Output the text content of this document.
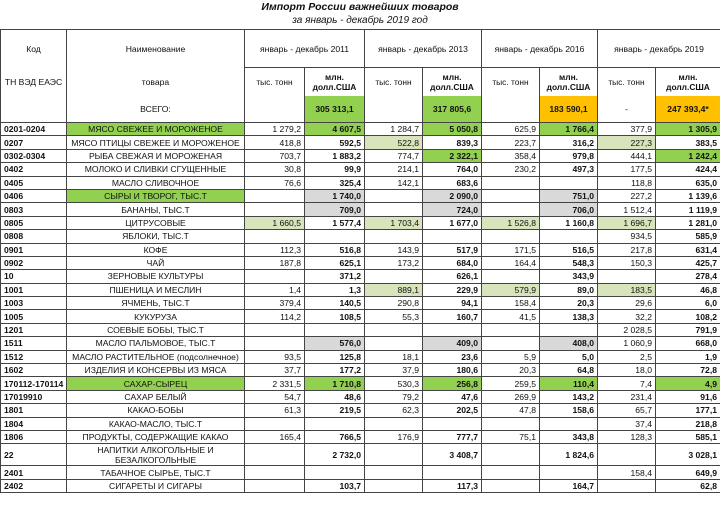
Импорт России важнейших товаров
за январь - декабрь 2019 год
Код	Наименование	январь - декабрь 2011		январь - декабрь 2013		январь - декабрь 2016		январь - декабрь 2019	
ТН ВЭД ЕАЭС	товара	тыс. тонн	млн. долл.США	тыс. тонн	млн. долл.США	тыс. тонн	млн. долл.США	тыс. тонн	млн. долл.США
	ВСЕГО:		305 313,1		317 805,6		183 590,1	-	247 393,4*
0201-0204	МЯСО СВЕЖЕЕ И МОРОЖЕНОЕ	1 279,2	4 607,5	1 284,7	5 050,8	625,9	1 766,4	377,9	1 305,9
0207	МЯСО ПТИЦЫ СВЕЖЕЕ И МОРОЖЕНОЕ	418,8	592,5	522,8	839,3	223,7	316,2	227,3	383,5
0302-0304	РЫБА СВЕЖАЯ И МОРОЖЕНАЯ	703,7	1 883,2	774,7	2 322,1	358,4	979,8	444,1	1 242,4
0402	МОЛОКО И СЛИВКИ СГУЩЕННЫЕ	30,8	99,9	214,1	764,0	230,2	497,3	177,5	424,4
0405	МАСЛО СЛИВОЧНОЕ	76,6	325,4	142,1	683,6			118,8	635,0
0406	СЫРЫ И ТВОРОГ, ТЫС.Т		1 740,0		2 090,0		751,0	227,2	1 139,6
0803	БАНАНЫ, ТЫС.Т		709,0		724,0		706,0	1 512,4	1 119,9
0805	ЦИТРУСОВЫЕ	1 660,5	1 577,4	1 703,4	1 677,0	1 526,8	1 160,8	1 696,7	1 281,0
0808	ЯБЛОКИ, ТЫС.Т							934,5	585,9
0901	КОФЕ	112,3	516,8	143,9	517,9	171,5	516,5	217,8	631,4
0902	ЧАЙ	187,8	625,1	173,2	684,0	164,4	548,3	150,3	425,7
10	ЗЕРНОВЫЕ КУЛЬТУРЫ		371,2		626,1		343,9		278,4
1001	ПШЕНИЦА И МЕСЛИН	1,4	1,3	889,1	229,9	579,9	89,0	183,5	46,8
1003	ЯЧМЕНЬ, ТЫС.Т	379,4	140,5	290,8	94,1	158,4	20,3	29,6	6,0
1005	КУКУРУЗА	114,2	108,5	55,3	160,7	41,5	138,3	32,2	108,2
1201	СОЕВЫЕ БОБЫ, ТЫС.Т							2 028,5	791,9
1511	МАСЛО ПАЛЬМОВОЕ, ТЫС.Т		576,0		409,0		408,0	1 060,9	668,0
1512	МАСЛО РАСТИТЕЛЬНОЕ (подсолнечное)	93,5	125,8	18,1	23,6	5,9	5,0	2,5	1,9
1602	ИЗДЕЛИЯ И КОНСЕРВЫ ИЗ МЯСА	37,7	177,2	37,9	180,6	20,3	64,8	18,0	72,8
170112-170114	САХАР-СЫРЕЦ	2 331,5	1 710,8	530,3	256,8	259,5	110,4	7,4	4,9
17019910	САХАР БЕЛЫЙ	54,7	48,6	79,2	47,6	269,9	143,2	231,4	91,6
1801	КАКАО-БОБЫ	61,3	219,5	62,3	202,5	47,8	158,6	65,7	177,1
1804	КАКАО-МАСЛО, ТЫС.Т							37,4	218,8
1806	ПРОДУКТЫ, СОДЕРЖАЩИЕ КАКАО	165,4	766,5	176,9	777,7	75,1	343,8	128,3	585,1
22	НАПИТКИ АЛКОГОЛЬНЫЕ И БЕЗАЛКОГОЛЬНЫЕ		2 732,0		3 408,7		1 824,6		3 028,1
2401	ТАБАЧНОЕ СЫРЬЕ, ТЫС.Т							158,4	649,9
2402	СИГАРЕТЫ И СИГАРЫ		103,7		117,3		164,7		62,8
